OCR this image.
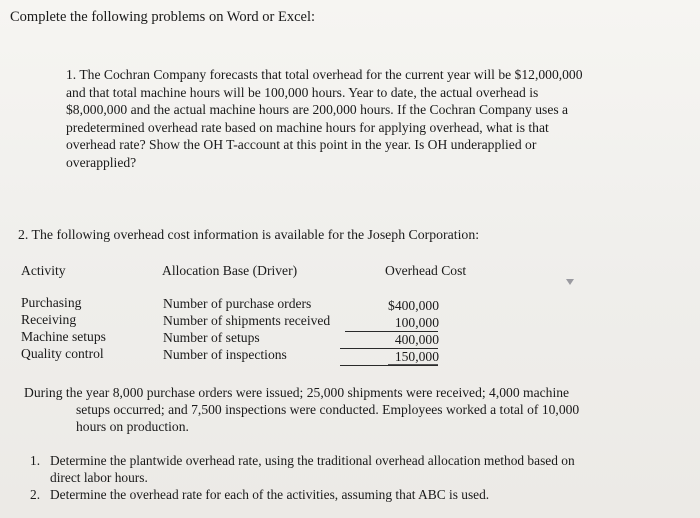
Complete the following problems on Word or Excel:
1. The Cochran Company forecasts that total overhead for the current year will be $12,000,000
and that total machine hours will be 100,000 hours. Year to date, the actual overhead is
$8,000,000 and the actual machine hours are 200,000 hours. If the Cochran Company uses a
predetermined overhead rate based on machine hours for applying overhead, what is that
overhead rate? Show the OH T-account at this point in the year. Is OH underapplied or
overapplied?
2. The following overhead cost information is available for the Joseph Corporation:
Activity	Allocation Base (Driver)	Overhead Cost
Purchasing	Number of purchase orders	$400,000
Receiving	Number of shipments received	100,000
Machine setups	Number of setups	400,000
Quality control	Number of inspections	150,000
During the year 8,000 purchase orders were issued; 25,000 shipments were received; 4,000 machine
setups occurred; and 7,500 inspections were conducted. Employees worked a total of 10,000
hours on production.
1. Determine the plantwide overhead rate, using the traditional overhead allocation method based on
direct labor hours.
2. Determine the overhead rate for each of the activities, assuming that ABC is used.
